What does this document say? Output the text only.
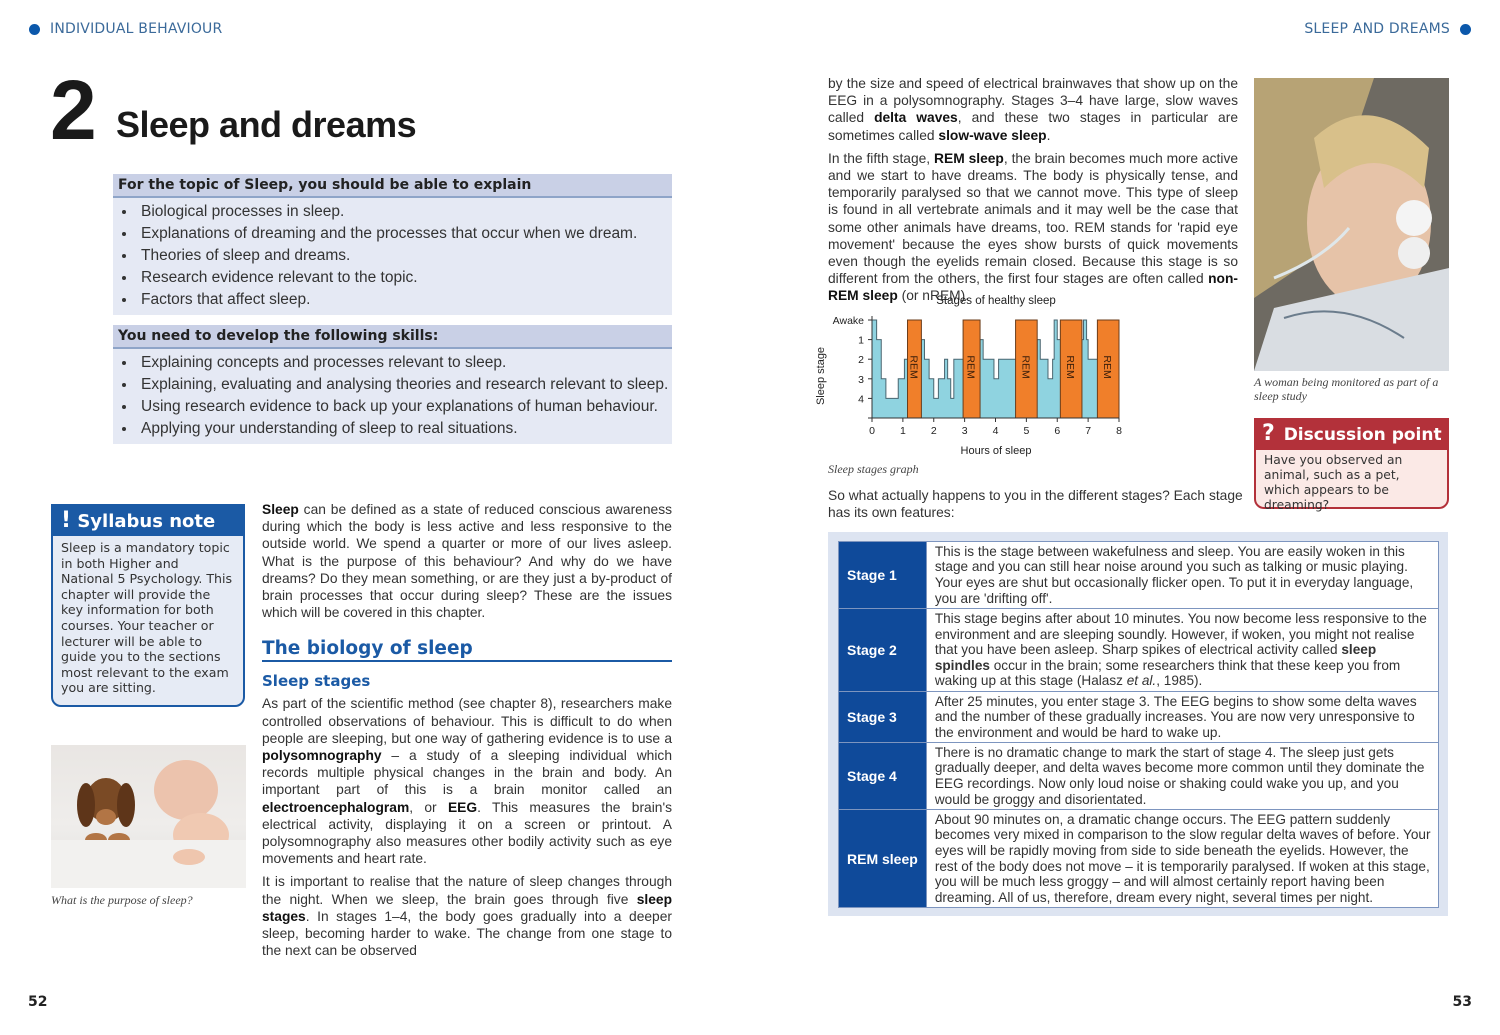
INDIVIDUAL BEHAVIOUR	SLEEP AND DREAMS
2 Sleep and dreams
For the topic of Sleep, you should be able to explain
• Biological processes in sleep.
• Explanations of dreaming and the processes that occur when we dream.
• Theories of sleep and dreams.
• Research evidence relevant to the topic.
• Factors that affect sleep.
You need to develop the following skills:
• Explaining concepts and processes relevant to sleep.
• Explaining, evaluating and analysing theories and research relevant to sleep.
• Using research evidence to back up your explanations of human behaviour.
• Applying your understanding of sleep to real situations.
! Syllabus note
Sleep is a mandatory topic in both Higher and National 5 Psychology. This chapter will provide the key information for both courses. Your teacher or lecturer will be able to guide you to the sections most relevant to the exam you are sitting.
What is the purpose of sleep?

Sleep can be defined as a state of reduced conscious awareness during which the body is less active and less responsive to the outside world. We spend a quarter or more of our lives asleep. What is the purpose of this behaviour? And why do we have dreams? Do they mean something, or are they just a by-product of brain processes that occur during sleep? These are the issues which will be covered in this chapter.

The biology of sleep
Sleep stages

As part of the scientific method (see chapter 8), researchers make controlled observations of behaviour. This is difficult to do when people are sleeping, but one way of gathering evidence is to use a polysomnography – a study of a sleeping individual which records multiple physical changes in the brain and body. An important part of this is a brain monitor called an electroencephalogram, or EEG. This measures the brain's electrical activity, displaying it on a screen or printout. A polysomnography also measures other bodily activity such as eye movements and heart rate.

It is important to realise that the nature of sleep changes through the night. When we sleep, the brain goes through five sleep stages. In stages 1–4, the body goes gradually into a deeper sleep, becoming harder to wake. The change from one stage to the next can be observed

by the size and speed of electrical brainwaves that show up on the EEG in a polysomnography. Stages 3–4 have large, slow waves called delta waves, and these two stages in particular are sometimes called slow-wave sleep.

In the fifth stage, REM sleep, the brain becomes much more active and we start to have dreams. The body is physically tense, and temporarily paralysed so that we cannot move. This type of sleep is found in all vertebrate animals and it may well be the case that some other animals have dreams, too. REM stands for 'rapid eye movement' because the eyes show bursts of quick movements even though the eyelids remain closed. Because this stage is so different from the others, the first four stages are often called non-REM sleep (or nREM).

Stages of healthy sleep
REM	REM	REM	REM REM
Awake
1
2
3
4
0 1 2 3 4 5 6 7 8
Sleep stage
Hours of sleep
Sleep stages graph
A woman being monitored as part of a sleep study
? Discussion point
Have you observed an animal, such as a pet, which appears to be dreaming?

So what actually happens to you in the different stages? Each stage has its own features:

Stage 1	This is the stage between wakefulness and sleep. You are easily woken in this stage and you can still hear noise around you such as talking or music playing. Your eyes are shut but occasionally flicker open. To put it in everyday language, you are 'drifting off'.
Stage 2	This stage begins after about 10 minutes. You now become less responsive to the environment and are sleeping soundly. However, if woken, you might not realise that you have been asleep. Sharp spikes of electrical activity called sleep spindles occur in the brain; some researchers think that these keep you from waking up at this stage (Halasz et al., 1985).
Stage 3	After 25 minutes, you enter stage 3. The EEG begins to show some delta waves and the number of these gradually increases. You are now very unresponsive to the environment and would be hard to wake up.
Stage 4	There is no dramatic change to mark the start of stage 4. The sleep just gets gradually deeper, and delta waves become more common until they dominate the EEG recordings. Now only loud noise or shaking could wake you up, and you would be groggy and disorientated.
REM sleep	About 90 minutes on, a dramatic change occurs. The EEG pattern suddenly becomes very mixed in comparison to the slow regular delta waves of before. Your eyes will be rapidly moving from side to side beneath the eyelids. However, the rest of the body does not move – it is temporarily paralysed. If woken at this stage, you will be much less groggy – and will almost certainly report having been dreaming. All of us, therefore, dream every night, several times per night.
52	53
